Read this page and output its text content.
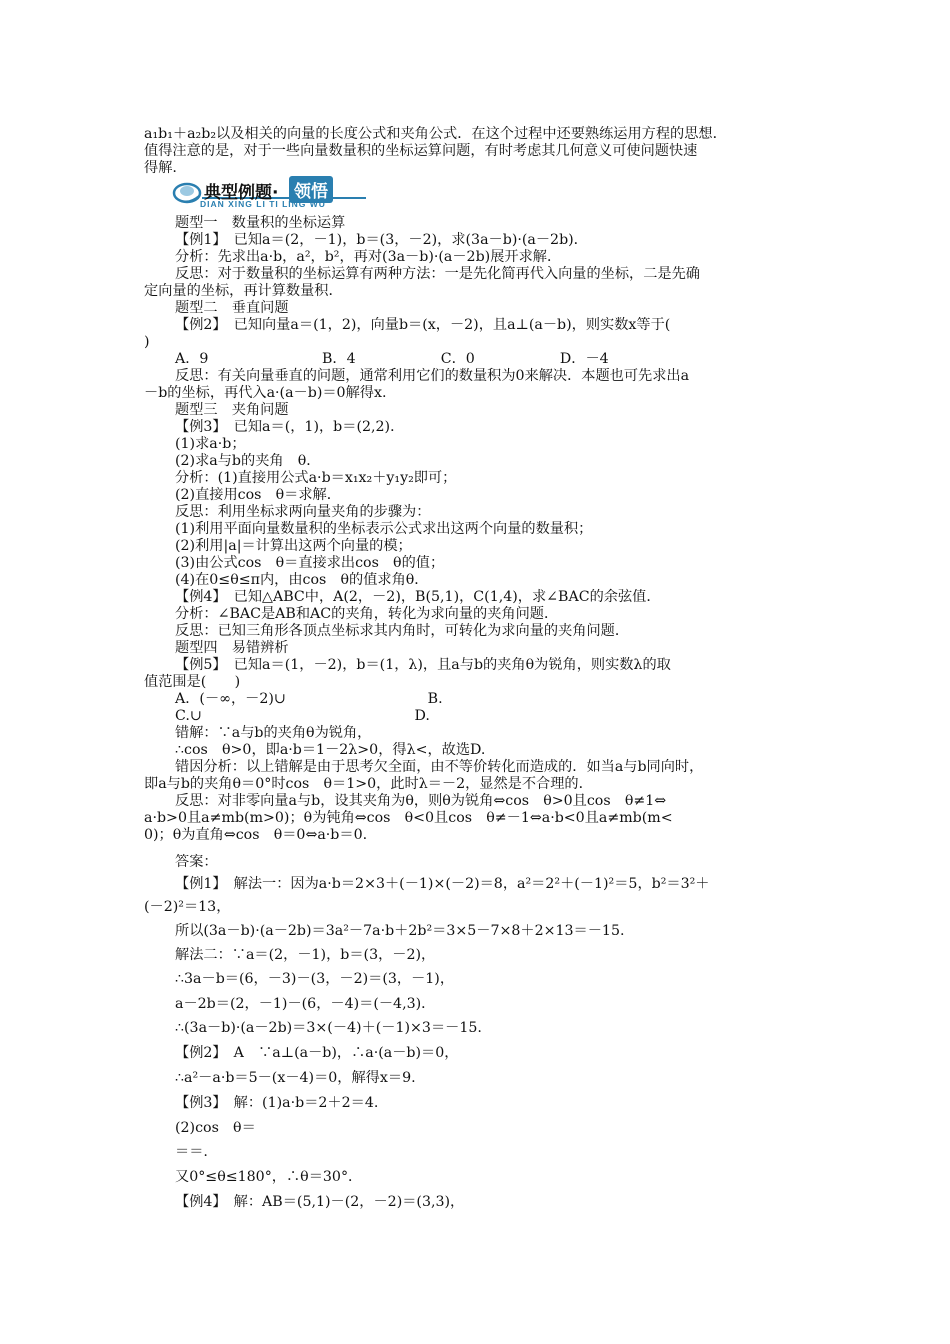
a₁b₁＋a₂b₂以及相关的向量的长度公式和夹角公式．在这个过程中还要熟练运用方程的思想．
值得注意的是，对于一些向量数量积的坐标运算问题，有时考虑其几何意义可使问题快速
得解.
典型例题· 领悟
DIAN XING LI TI LING WU
题型一　数量积的坐标运算
【例1】　已知a＝(2，－1)，b＝(3，－2)，求(3a－b)·(a－2b)．
分析：先求出a·b，a²，b²，再对(3a－b)·(a－2b)展开求解．
反思：对于数量积的坐标运算有两种方法：一是先化简再代入向量的坐标，二是先确
定向量的坐标，再计算数量积．
题型二　垂直问题
【例2】　已知向量a＝(1，2)，向量b＝(x，－2)，且a⊥(a－b)，则实数x等于(
)
A．9　　　　　　　　B．4　　　　　　C．0　　　　　　D．－4
反思：有关向量垂直的问题，通常利用它们的数量积为0来解决．本题也可先求出a
－b的坐标，再代入a·(a－b)＝0解得x.
题型三　夹角问题
【例3】　已知a＝(，1)，b＝(2,2)．
(1)求a·b；
(2)求a与b的夹角　θ．
分析：(1)直接用公式a·b＝x₁x₂＋y₁y₂即可；
(2)直接用cos　θ＝求解．
反思：利用坐标求两向量夹角的步骤为：
(1)利用平面向量数量积的坐标表示公式求出这两个向量的数量积；
(2)利用|a|＝计算出这两个向量的模；
(3)由公式cos　θ＝直接求出cos　θ的值；
(4)在0≤θ≤π内，由cos　θ的值求角θ．
【例4】　已知△ABC中，A(2，－2)，B(5,1)，C(1,4)，求∠BAC的余弦值．
分析：∠BAC是AB和AC的夹角，转化为求向量的夹角问题．
反思：已知三角形各顶点坐标求其内角时，可转化为求向量的夹角问题．
题型四　易错辨析
【例5】　已知a＝(1，－2)，b＝(1，λ)，且a与b的夹角θ为锐角，则实数λ的取
值范围是(　　)
A．(－∞，－2)∪　　　　　　　　　　B.
C.∪　　　　　　　　　　　　　　　D.
错解：∵a与b的夹角θ为锐角，
∴cos　θ>0，即a·b＝1－2λ>0，得λ<，故选D.
错因分析：以上错解是由于思考欠全面，由不等价转化而造成的．如当a与b同向时，
即a与b的夹角θ＝0°时cos　θ＝1>0，此时λ＝－2，显然是不合理的．
反思：对非零向量a与b，设其夹角为θ，则θ为锐角⇔cos　θ>0且cos　θ≠1⇔
a·b>0且a≠mb(m>0)；θ为钝角⇔cos　θ<0且cos　θ≠－1⇔a·b<0且a≠mb(m<
0)；θ为直角⇔cos　θ＝0⇔a·b＝0.
答案：
【例1】　解法一：因为a·b＝2×3＋(－1)×(－2)＝8，a²＝2²＋(－1)²＝5，b²＝3²＋
(－2)²＝13，
所以(3a－b)·(a－2b)＝3a²－7a·b＋2b²＝3×5－7×8＋2×13＝－15.
解法二：∵a＝(2，－1)，b＝(3，－2)，
∴3a－b＝(6，－3)－(3，－2)＝(3，－1)，
a－2b＝(2，－1)－(6，－4)＝(－4,3)．
∴(3a－b)·(a－2b)＝3×(－4)＋(－1)×3＝－15.
【例2】　A　∵a⊥(a－b)，∴a·(a－b)＝0，
∴a²－a·b＝5－(x－4)＝0，解得x＝9.
【例3】　解：(1)a·b＝2＋2＝4.
(2)cos　θ＝
＝＝.
又0°≤θ≤180°，∴θ＝30°．
【例4】　解：AB＝(5,1)－(2，－2)＝(3,3)，
